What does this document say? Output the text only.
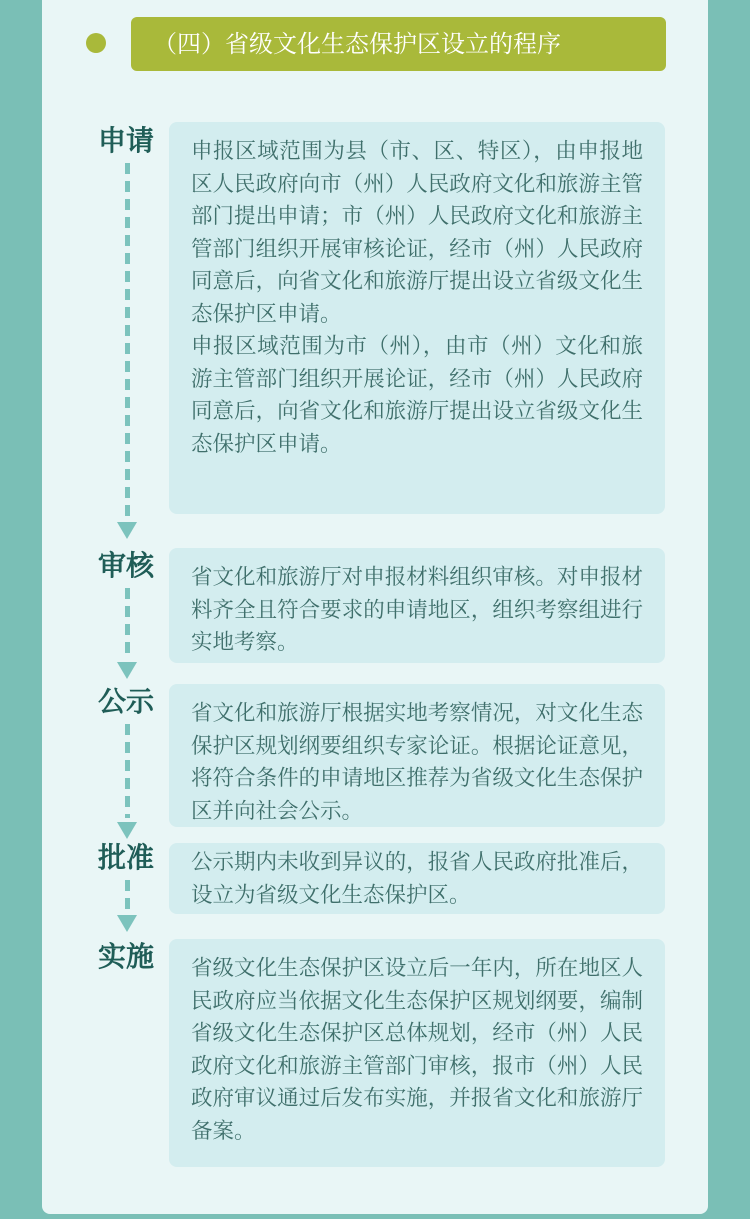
（四）省级文化生态保护区设立的程序
申请 申报区域范围为县（市、区、特区），由申报地区人民政府向市（州）人民政府文化和旅游主管部门提出申请；市（州）人民政府文化和旅游主管部门组织开展审核论证，经市（州）人民政府同意后，向省文化和旅游厅提出设立省级文化生态保护区申请。

申报区域范围为市（州），由市（州）文化和旅游主管部门组织开展论证，经市（州）人民政府同意后，向省文化和旅游厅提出设立省级文化生态保护区申请。

审核 省文化和旅游厅对申报材料组织审核。对申报材料齐全且符合要求的申请地区，组织考察组进行实地考察。

公示 省文化和旅游厅根据实地考察情况，对文化生态保护区规划纲要组织专家论证。根据论证意见，将符合条件的申请地区推荐为省级文化生态保护区并向社会公示。

批准 公示期内未收到异议的，报省人民政府批准后，设立为省级文化生态保护区。

实施 省级文化生态保护区设立后一年内，所在地区人民政府应当依据文化生态保护区规划纲要，编制省级文化生态保护区总体规划，经市（州）人民政府文化和旅游主管部门审核，报市（州）人民政府审议通过后发布实施，并报省文化和旅游厅备案。
